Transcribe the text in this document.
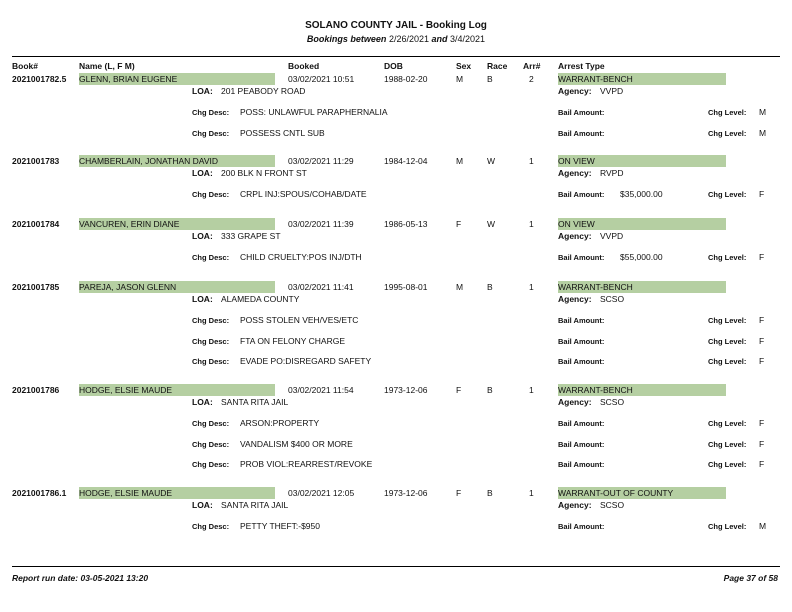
SOLANO COUNTY JAIL - Booking Log
Bookings between 2/26/2021 and 3/4/2021
Book#	Name (L, F M)	Booked	DOB	Sex Race Arr# Arrest Type
2021001782.5 GLENN, BRIAN EUGENE	03/02/2021 10:51	1988-02-20	M	B	2	WARRANT-BENCH
LOA: 201 PEABODY ROAD	Agency: VVPD
Chg Desc: POSS: UNLAWFUL PARAPHERNALIA	Bail Amount:	Chg Level: M
Chg Desc: POSSESS CNTL SUB	Bail Amount:	Chg Level: M
2021001783 CHAMBERLAIN, JONATHAN DAVID	03/02/2021 11:29	1984-12-04	M	W	1	ON VIEW
LOA: 200 BLK N FRONT ST	Agency: RVPD
Chg Desc: CRPL INJ:SPOUS/COHAB/DATE	Bail Amount: $35,000.00	Chg Level: F
2021001784 VANCUREN, ERIN DIANE	03/02/2021 11:39	1986-05-13	F	W	1	ON VIEW
LOA: 333 GRAPE ST	Agency: VVPD
Chg Desc: CHILD CRUELTY:POS INJ/DTH	Bail Amount: $55,000.00	Chg Level: F
2021001785 PAREJA, JASON GLENN	03/02/2021 11:41	1995-08-01	M	B	1	WARRANT-BENCH
LOA: ALAMEDA COUNTY	Agency: SCSO
Chg Desc: POSS STOLEN VEH/VES/ETC	Bail Amount:	Chg Level: F
Chg Desc: FTA ON FELONY CHARGE	Bail Amount:	Chg Level: F
Chg Desc: EVADE PO:DISREGARD SAFETY	Bail Amount:	Chg Level: F
2021001786 HODGE, ELSIE MAUDE	03/02/2021 11:54	1973-12-06	F	B	1	WARRANT-BENCH
LOA: SANTA RITA JAIL	Agency: SCSO
Chg Desc: ARSON:PROPERTY	Bail Amount:	Chg Level: F
Chg Desc: VANDALISM $400 OR MORE	Bail Amount:	Chg Level: F
Chg Desc: PROB VIOL:REARREST/REVOKE	Bail Amount:	Chg Level: F
2021001786.1 HODGE, ELSIE MAUDE	03/02/2021 12:05	1973-12-06	F	B	1	WARRANT-OUT OF COUNTY
LOA: SANTA RITA JAIL	Agency: SCSO
Chg Desc: PETTY THEFT:-$950	Bail Amount:	Chg Level: M
Report run date: 03-05-2021 13:20	Page 37 of 58
